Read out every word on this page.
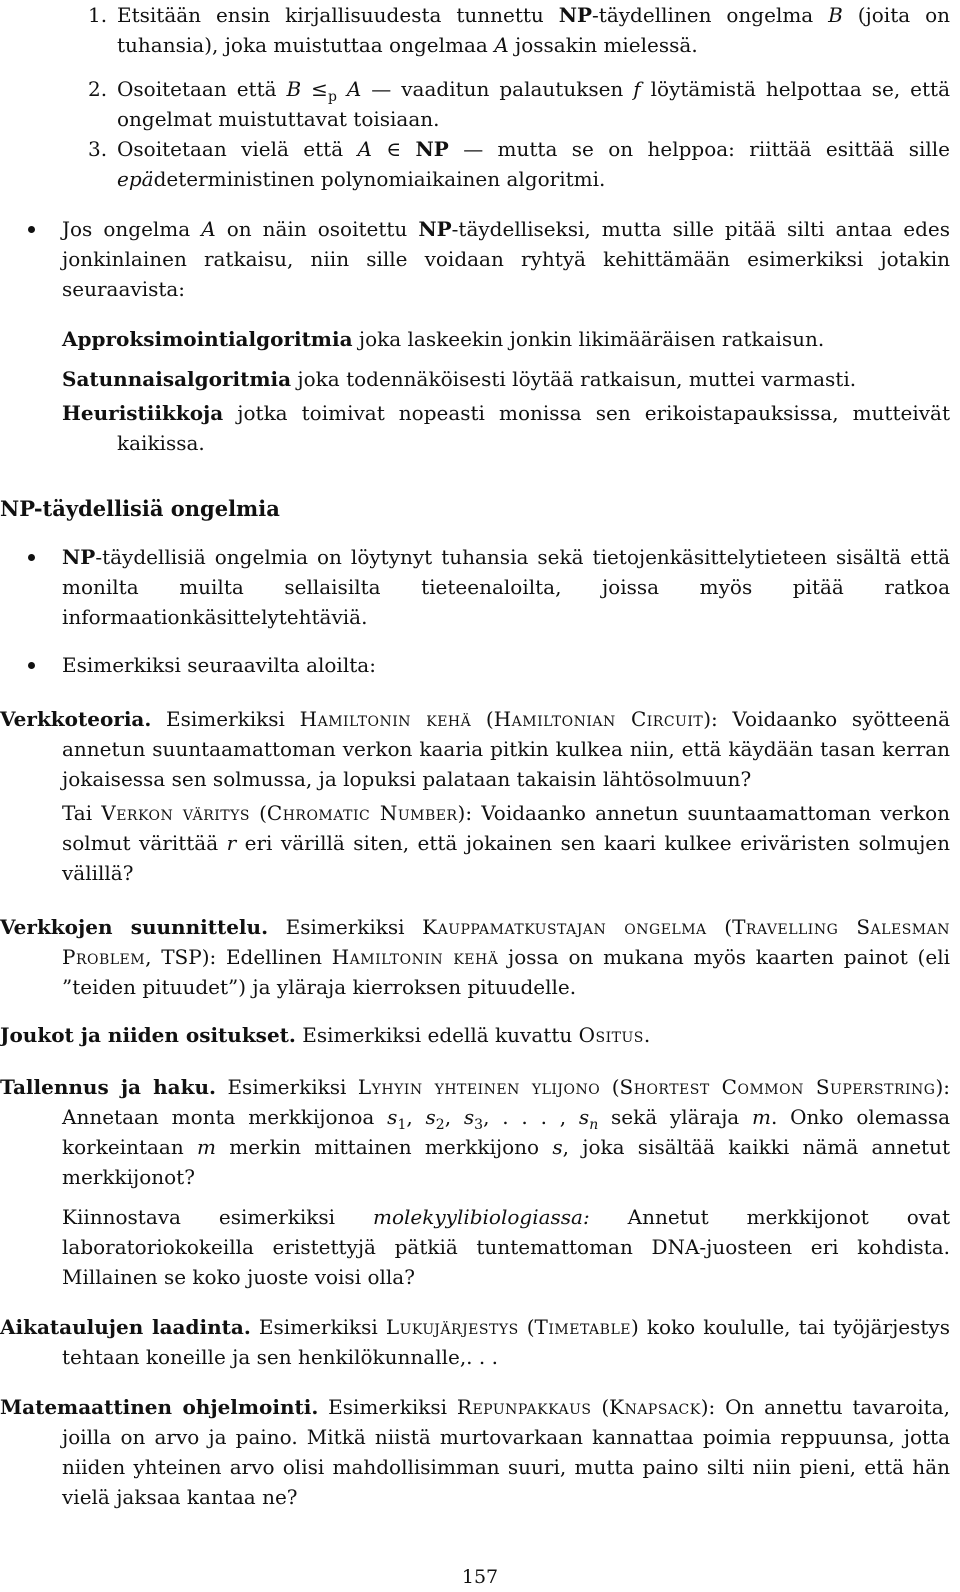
1. Etsitään ensin kirjallisuudesta tunnettu NP-täydellinen ongelma B (joita on tuhansia), joka muistuttaa ongelmaa A jossakin mielessä.

2. Osoitetaan että $B \le_p$ A — vaaditun palautuksen f löytämistä helpottaa se, että ongelmat muistuttavat toisiaan.

3. Osoitetaan vielä että A ∈ NP — mutta se on helppoa: riittää esittää sille epädeterministinen polynomiaikainen algoritmi.

Jos ongelma A on näin osoitettu NP-täydelliseksi, mutta sille pitää silti antaa edes jonkinlainen ratkaisu, niin sille voidaan ryhtyä kehittämään esimerkiksi jotakin seuraavista:

Approksimointialgoritmia joka laskeekin jonkin likimääräisen ratkaisun.

Satunnaisalgoritmia joka todennäköisesti löytää ratkaisun, muttei varmasti.

Heuristiikkoja jotka toimivat nopeasti monissa sen erikoistapauksissa, mutteivät kaikissa.

NP-täydellisiä ongelmia

NP-täydellisiä ongelmia on löytynyt tuhansia sekä tietojenkäsittelytieteen sisältä että monilta muilta sellaisilta tieteenaloilta, joissa myös pitää ratkoa informaationkäsittelytehtäviä.

Esimerkiksi seuraavilta aloilta:

Verkkoteoria. Esimerkiksi Hamiltonin kehä (Hamiltonian Circuit): Voidaanko syötteenä annetun suuntaamattoman verkon kaaria pitkin kulkea niin, että käydään tasan kerran jokaisessa sen solmussa, ja lopuksi palataan takaisin lähtösolmuun?

Tai Verkon väritys (Chromatic Number): Voidaanko annetun suuntaamattoman verkon solmut värittää r eri värillä siten, että jokainen sen kaari kulkee eriväristen solmujen välillä?

Verkkojen suunnittelu. Esimerkiksi Kauppamatkustajan ongelma (Travelling Salesman Problem, TSP): Edellinen Hamiltonin kehä jossa on mukana myös kaarten painot (eli ”teiden pituudet”) ja yläraja kierroksen pituudelle.

Joukot ja niiden ositukset. Esimerkiksi edellä kuvattu Ositus.

Tallennus ja haku. Esimerkiksi Lyhyin yhteinen ylijono (Shortest Common Superstring): Annetaan monta merkkijonoa $s_1$, $s_2$, $s_3$, . . . , $s_n$ sekä yläraja m. Onko olemassa korkeintaan m merkin mittainen merkkijono s, joka sisältää kaikki nämä annetut merkkijonot?

Kiinnostava esimerkiksi molekyylibiologiassa: Annetut merkkijonot ovat laboratoriokokeilla eristettyjä pätkiä tuntemattoman DNA-juosteen eri kohdista. Millainen se koko juoste voisi olla?

Aikataulujen laadinta. Esimerkiksi Lukujärjestys (Timetable) koko koululle, tai työjärjestys tehtaan koneille ja sen henkilökunnalle,. . .

Matemaattinen ohjelmointi. Esimerkiksi Repunpakkaus (Knapsack): On annettu tavaroita, joilla on arvo ja paino. Mitkä niistä murtovarkaan kannattaa poimia reppuunsa, jotta niiden yhteinen arvo olisi mahdollisimman suuri, mutta paino silti niin pieni, että hän vielä jaksaa kantaa ne?

157
